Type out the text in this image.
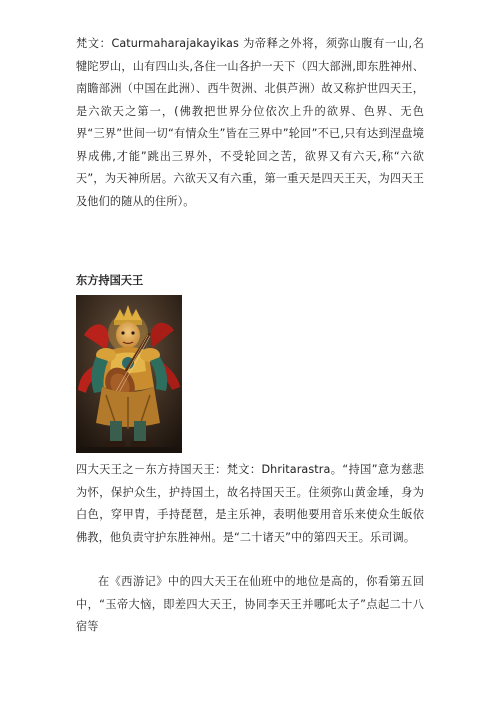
梵文：Caturmaharajakayikas 为帝释之外将，须弥山腹有一山,名犍陀罗山，山有四山头,各住一山各护一天下（四大部洲,即东胜神州、南瞻部洲（中国在此洲）、西牛贺洲、北俱芦洲）故又称护世四天王，是六欲天之第一，(佛教把世界分位依次上升的欲界、色界、无色界“三界”世间一切“有情众生”皆在三界中”轮回”不已,只有达到涅盘境界成佛,才能”跳出三界外，不受轮回之苦，欲界又有六天,称“六欲天”，为天神所居。六欲天又有六重，第一重天是四天王天，为四天王及他们的随从的住所）。

东方持国天王

四大天王之－东方持国天王：梵文：Dhritarastra。“持国”意为慈悲为怀，保护众生，护持国土，故名持国天王。住须弥山黄金埵，身为白色，穿甲胄，手持琵琶，是主乐神，表明他要用音乐来使众生皈依佛教，他负责守护东胜神州。是“二十诸天”中的第四天王。乐司调。

在《西游记》中的四大天王在仙班中的地位是高的，你看第五回中，“玉帝大恼，即差四大天王，协同李天王并哪吒太子”点起二十八宿等
